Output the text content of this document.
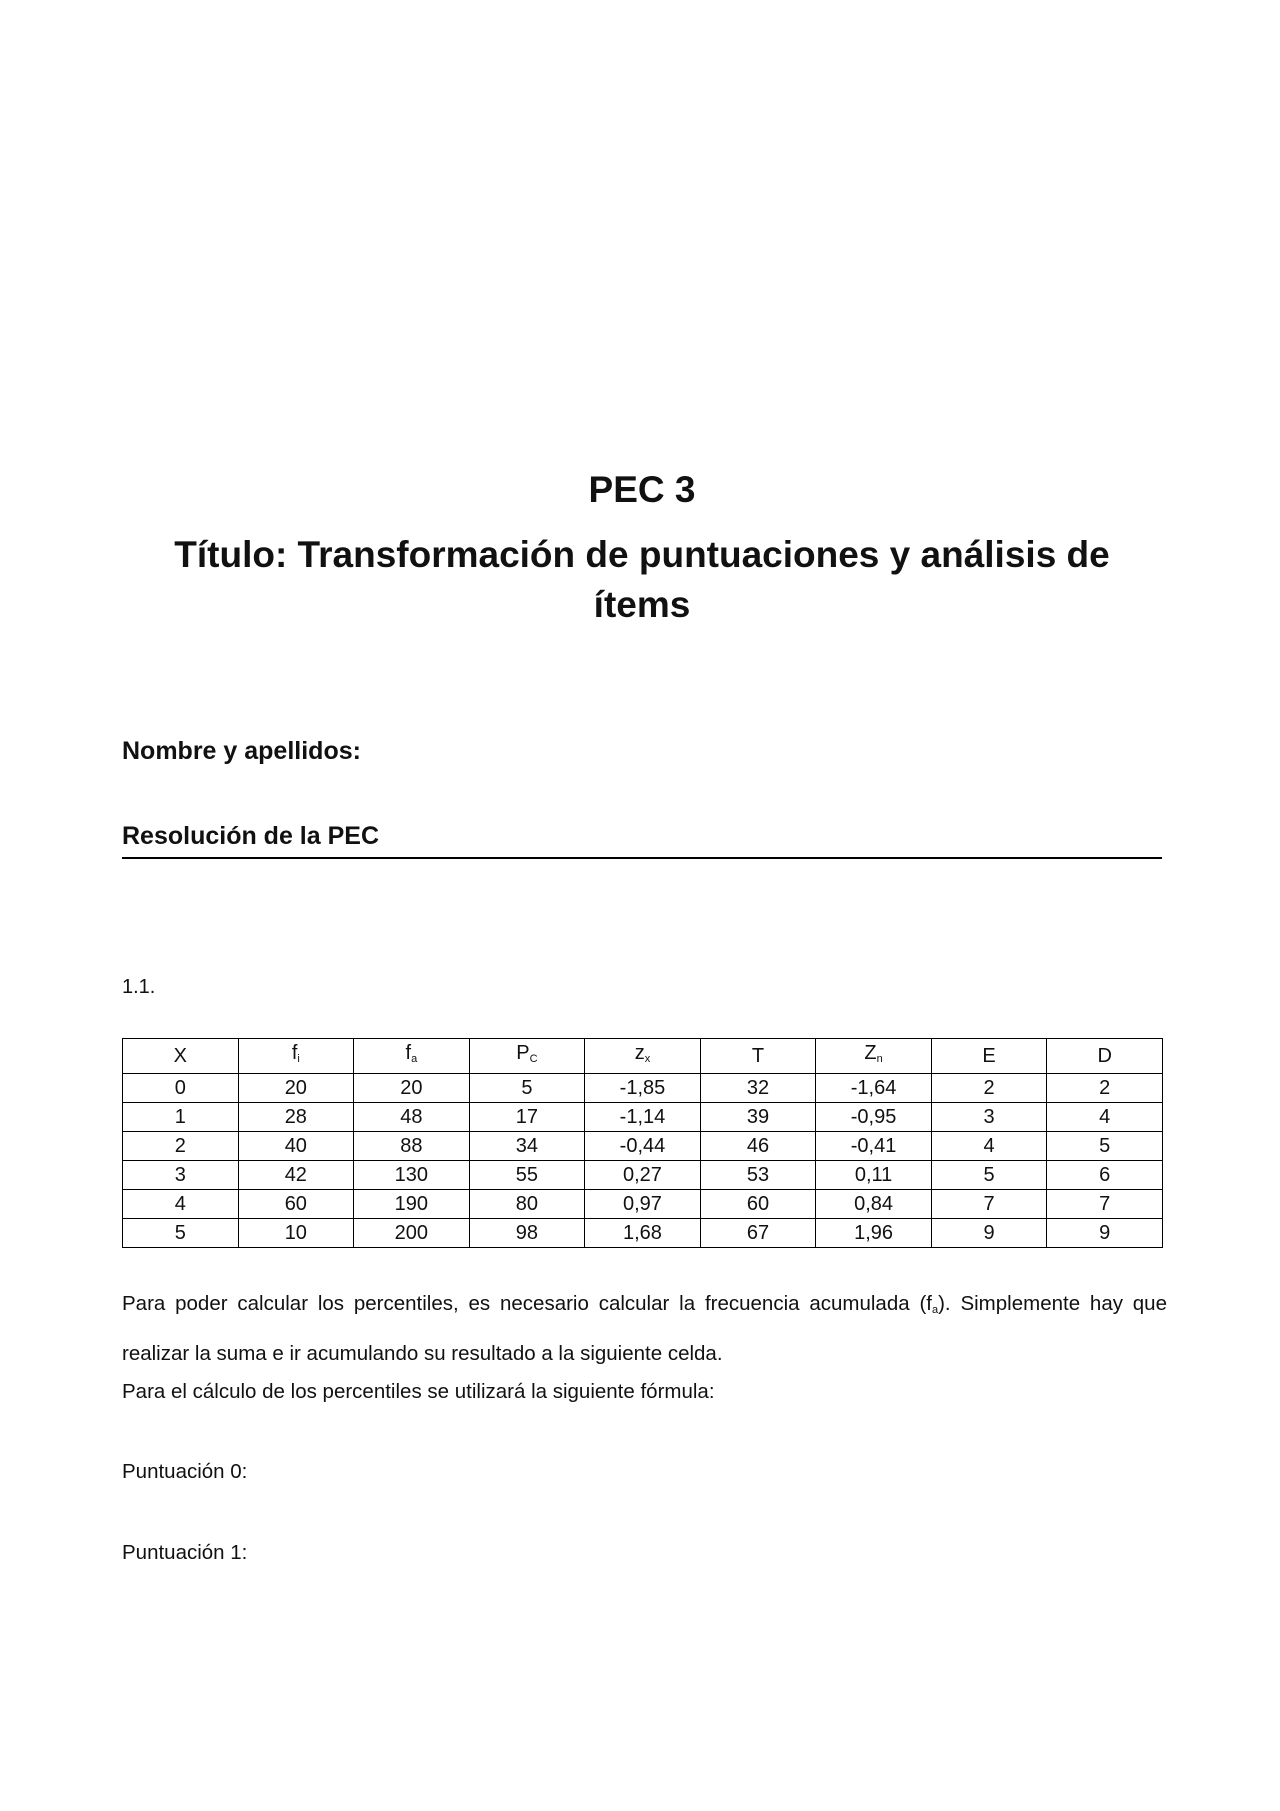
PEC 3
Título: Transformación de puntuaciones y análisis de ítems
Nombre y apellidos:
Resolución de la PEC
1.1.
X	$f_i$	$f_a$	$P_C$	$z_x$	T	$Z_n$	E	D
0	20	20	5	-1,85	32	-1,64	2	2
1	28	48	17	-1,14	39	-0,95	3	4
2	40	88	34	-0,44	46	-0,41	4	5
3	42	130	55	0,27	53	0,11	5	6
4	60	190	80	0,97	60	0,84	7	7
5	10	200	98	1,68	67	1,96	9	9
Para poder calcular los percentiles, es necesario calcular la frecuencia acumulada $(f_a)$. Simplemente hay que realizar la suma e ir acumulando su resultado a la siguiente celda.
Para el cálculo de los percentiles se utilizará la siguiente fórmula:
Puntuación 0:
Puntuación 1:
